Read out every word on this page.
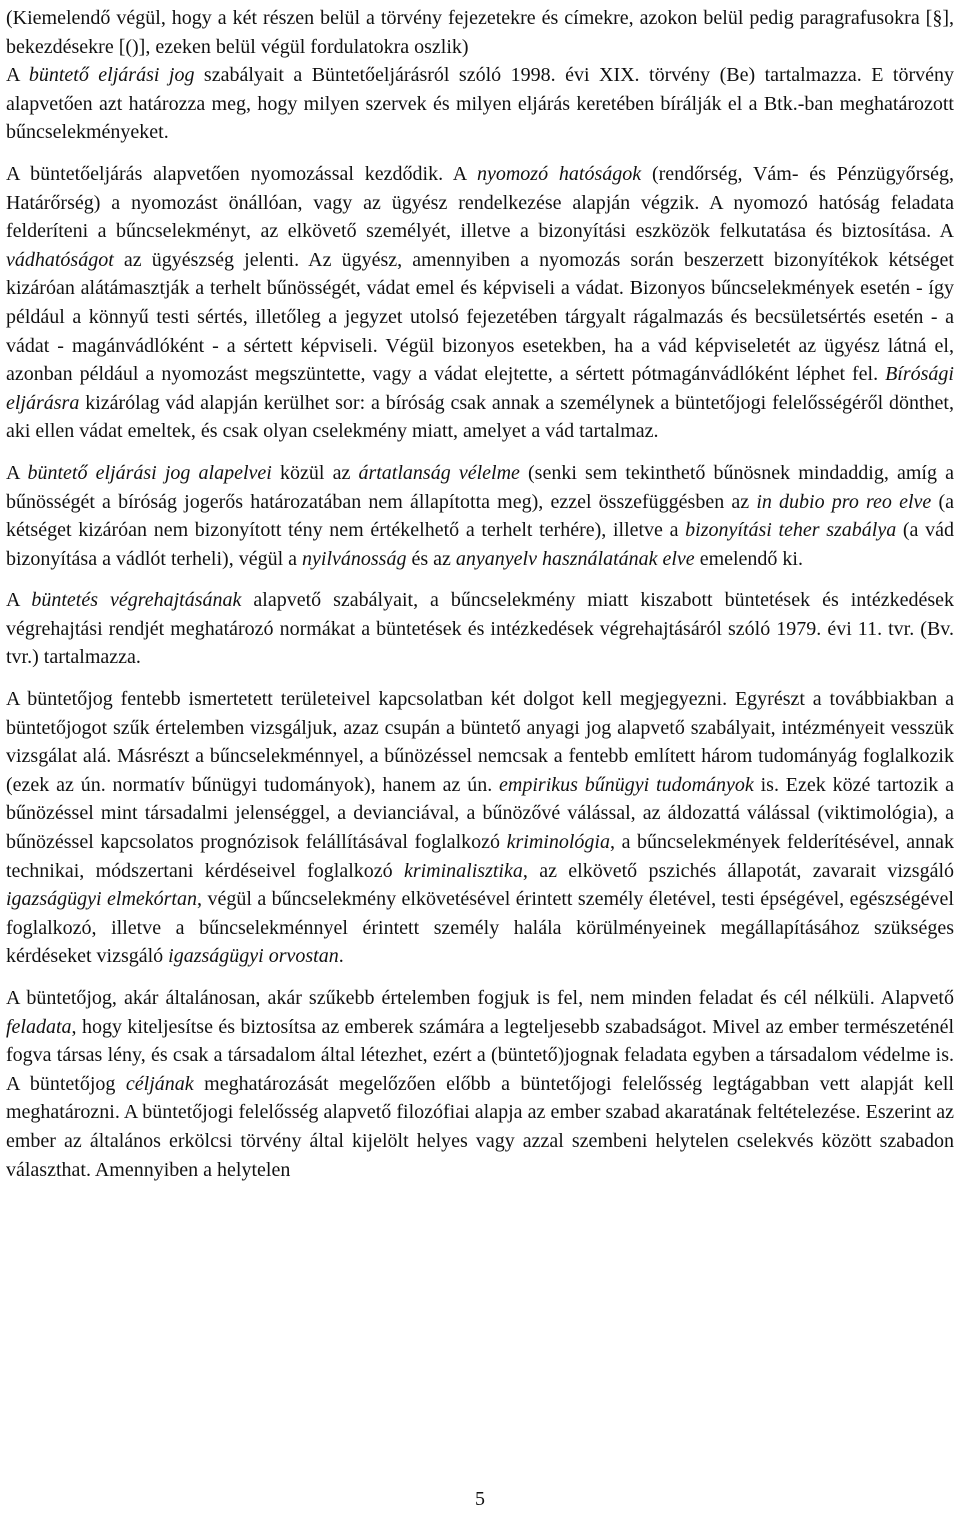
(Kiemelendő végül, hogy a két részen belül a törvény fejezetekre és címekre, azokon belül pedig paragrafusokra [§], bekezdésekre [()], ezeken belül végül fordulatokra oszlik)

A büntető eljárási jog szabályait a Büntetőeljárásról szóló 1998. évi XIX. törvény (Be) tartalmazza. E törvény alapvetően azt határozza meg, hogy milyen szervek és milyen eljárás keretében bírálják el a Btk.-ban meghatározott bűncselekményeket.

A büntetőeljárás alapvetően nyomozással kezdődik. A nyomozó hatóságok (rendőrség, Vám- és Pénzügyőrség, Határőrség) a nyomozást önállóan, vagy az ügyész rendelkezése alapján végzik. A nyomozó hatóság feladata felderíteni a bűncselekményt, az elkövető személyét, illetve a bizonyítási eszközök felkutatása és biztosítása. A vádhatóságot az ügyészség jelenti. Az ügyész, amennyiben a nyomozás során beszerzett bizonyítékok kétséget kizáróan alátámasztják a terhelt bűnösségét, vádat emel és képviseli a vádat. Bizonyos bűncselekmények esetén - így például a könnyű testi sértés, illetőleg a jegyzet utolsó fejezetében tárgyalt rágalmazás és becsületsértés esetén - a vádat - magánvádlóként - a sértett képviseli. Végül bizonyos esetekben, ha a vád képviseletét az ügyész látná el, azonban például a nyomozást megszüntette, vagy a vádat elejtette, a sértett pótmagánvádlóként léphet fel. Bírósági eljárásra kizárólag vád alapján kerülhet sor: a bíróság csak annak a személynek a büntetőjogi felelősségéről dönthet, aki ellen vádat emeltek, és csak olyan cselekmény miatt, amelyet a vád tartalmaz.

A büntető eljárási jog alapelvei közül az ártatlanság vélelme (senki sem tekinthető bűnösnek mindaddig, amíg a bűnösségét a bíróság jogerős határozatában nem állapította meg), ezzel összefüggésben az in dubio pro reo elve (a kétséget kizáróan nem bizonyított tény nem értékelhető a terhelt terhére), illetve a bizonyítási teher szabálya (a vád bizonyítása a vádlót terheli), végül a nyilvánosság és az anyanyelv használatának elve emelendő ki.

A büntetés végrehajtásának alapvető szabályait, a bűncselekmény miatt kiszabott büntetések és intézkedések végrehajtási rendjét meghatározó normákat a büntetések és intézkedések végrehajtásáról szóló 1979. évi 11. tvr. (Bv. tvr.) tartalmazza.

A büntetőjog fentebb ismertetett területeivel kapcsolatban két dolgot kell megjegyezni. Egyrészt a továbbiakban a büntetőjogot szűk értelemben vizsgáljuk, azaz csupán a büntető anyagi jog alapvető szabályait, intézményeit vesszük vizsgálat alá. Másrészt a bűncselekménnyel, a bűnözéssel nemcsak a fentebb említett három tudományág foglalkozik (ezek az ún. normatív bűnügyi tudományok), hanem az ún. empirikus bűnügyi tudományok is. Ezek közé tartozik a bűnözéssel mint társadalmi jelenséggel, a devianciával, a bűnözővé válással, az áldozattá válással (viktimológia), a bűnözéssel kapcsolatos prognózisok felállításával foglalkozó kriminológia, a bűncselekmények felderítésével, annak technikai, módszertani kérdéseivel foglalkozó kriminalisztika, az elkövető pszichés állapotát, zavarait vizsgáló igazságügyi elmekórtan, végül a bűncselekmény elkövetésével érintett személy életével, testi épségével, egészségével foglalkozó, illetve a bűncselekménnyel érintett személy halála körülményeinek megállapításához szükséges kérdéseket vizsgáló igazságügyi orvostan.

A büntetőjog, akár általánosan, akár szűkebb értelemben fogjuk is fel, nem minden feladat és cél nélküli. Alapvető feladata, hogy kiteljesítse és biztosítsa az emberek számára a legteljesebb szabadságot. Mivel az ember természeténél fogva társas lény, és csak a társadalom által létezhet, ezért a (büntető)jognak feladata egyben a társadalom védelme is. A büntetőjog céljának meghatározását megelőzően előbb a büntetőjogi felelősség legtágabban vett alapját kell meghatározni. A büntetőjogi felelősség alapvető filozófiai alapja az ember szabad akaratának feltételezése. Eszerint az ember az általános erkölcsi törvény által kijelölt helyes vagy azzal szembeni helytelen cselekvés között szabadon választhat. Amennyiben a helytelen

5
